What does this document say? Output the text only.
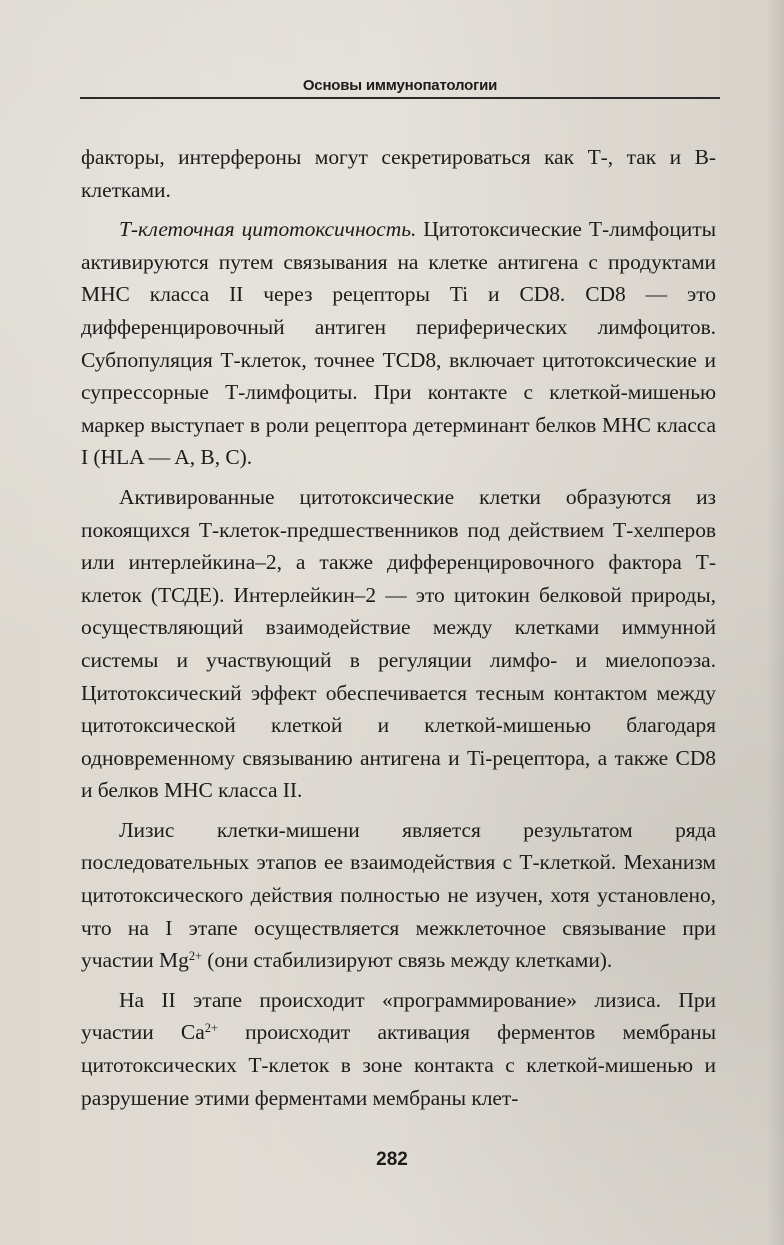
Основы иммунопатологии

факторы, интерфероны могут секретироваться как Т-, так и В-клетками.

Т-клеточная цитотоксичность. Цитотоксические Т-лимфоциты активируются путем связывания на клетке антигена с продуктами МНС класса II через рецепторы Ti и CD8. CD8 — это дифференцировочный антиген периферических лимфоцитов. Субпопуляция Т-клеток, точнее TCD8, включает цитотоксические и супрессорные Т-лимфоциты. При контакте с клеткой-мишенью маркер выступает в роли рецептора детерминант белков МНС класса I (HLA — A, B, C).

Активированные цитотоксические клетки образуются из покоящихся Т-клеток-предшественников под действием Т-хелперов или интерлейкина–2, а также дифференцировочного фактора Т-клеток (ТСДЕ). Интерлейкин–2 — это цитокин белковой природы, осуществляющий взаимодействие между клетками иммунной системы и участвующий в регуляции лимфо- и миелопоэза. Цитотоксический эффект обеспечивается тесным контактом между цитотоксической клеткой и клеткой-мишенью благодаря одновременному связыванию антигена и Ti-рецептора, а также CD8 и белков МНС класса II.

Лизис клетки-мишени является результатом ряда последовательных этапов ее взаимодействия с Т-клеткой. Механизм цитотоксического действия полностью не изучен, хотя установлено, что на I этапе осуществляется межклеточное связывание при участии $Mg^{2+}$ (они стабилизируют связь между клетками).

На II этапе происходит «программирование» лизиса. При участии $Ca^{2+}$ происходит активация ферментов мембраны цитотоксических Т-клеток в зоне контакта с клеткой-мишенью и разрушение этими ферментами мембраны клет-

282
